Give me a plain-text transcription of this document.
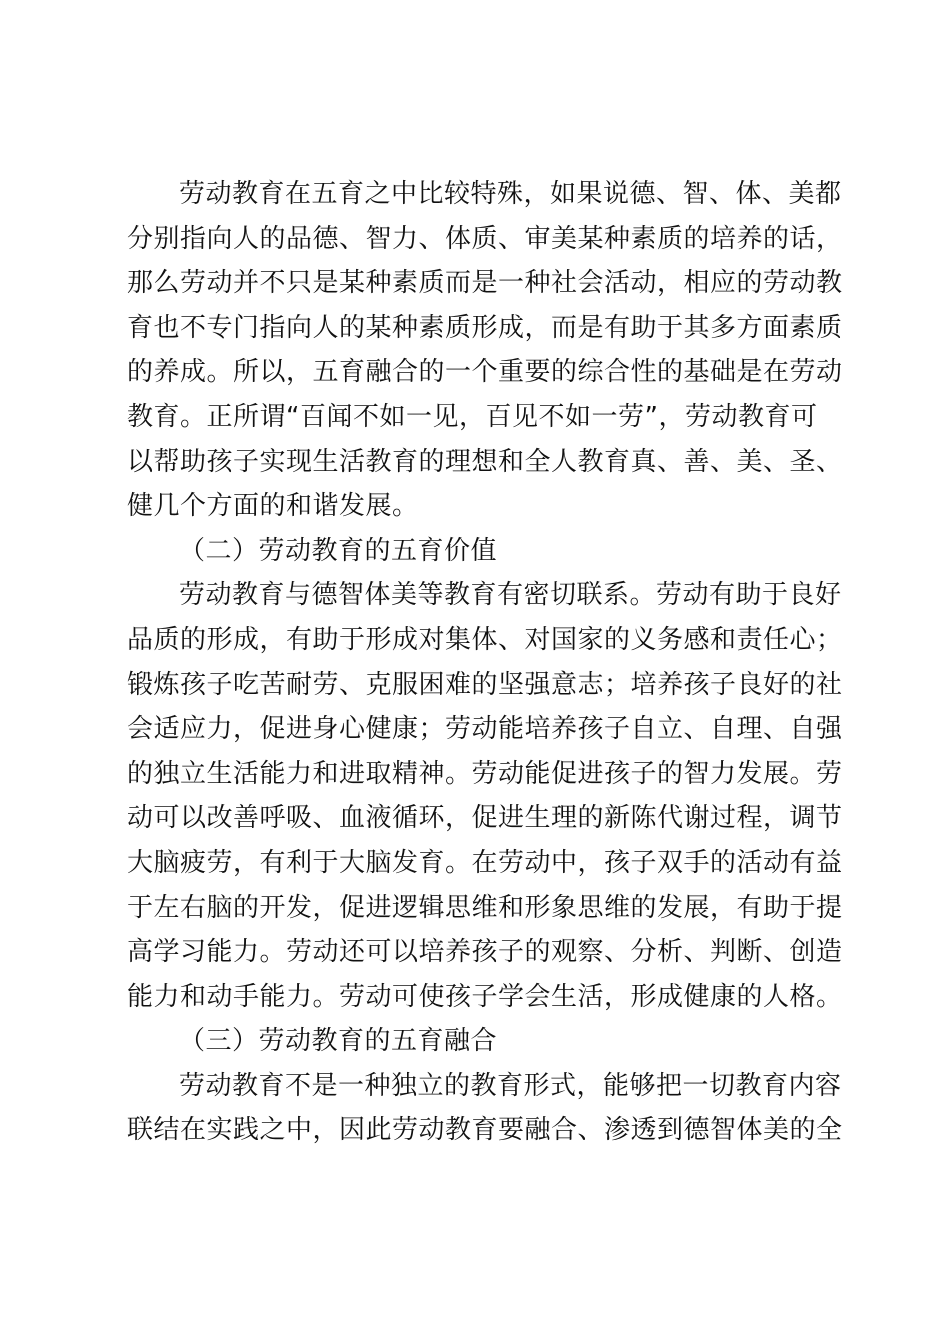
劳动教育在五育之中比较特殊，如果说德、智、体、美都
分别指向人的品德、智力、体质、审美某种素质的培养的话，
那么劳动并不只是某种素质而是一种社会活动，相应的劳动教
育也不专门指向人的某种素质形成，而是有助于其多方面素质
的养成。所以，五育融合的一个重要的综合性的基础是在劳动
教育。正所谓“百闻不如一见，百见不如一劳”，劳动教育可
以帮助孩子实现生活教育的理想和全人教育真、善、美、圣、
健几个方面的和谐发展。
（二）劳动教育的五育价值
劳动教育与德智体美等教育有密切联系。劳动有助于良好
品质的形成，有助于形成对集体、对国家的义务感和责任心；
锻炼孩子吃苦耐劳、克服困难的坚强意志；培养孩子良好的社
会适应力，促进身心健康；劳动能培养孩子自立、自理、自强
的独立生活能力和进取精神。劳动能促进孩子的智力发展。劳
动可以改善呼吸、血液循环，促进生理的新陈代谢过程，调节
大脑疲劳，有利于大脑发育。在劳动中，孩子双手的活动有益
于左右脑的开发，促进逻辑思维和形象思维的发展，有助于提
高学习能力。劳动还可以培养孩子的观察、分析、判断、创造
能力和动手能力。劳动可使孩子学会生活，形成健康的人格。
（三）劳动教育的五育融合
劳动教育不是一种独立的教育形式，能够把一切教育内容
联结在实践之中，因此劳动教育要融合、渗透到德智体美的全
